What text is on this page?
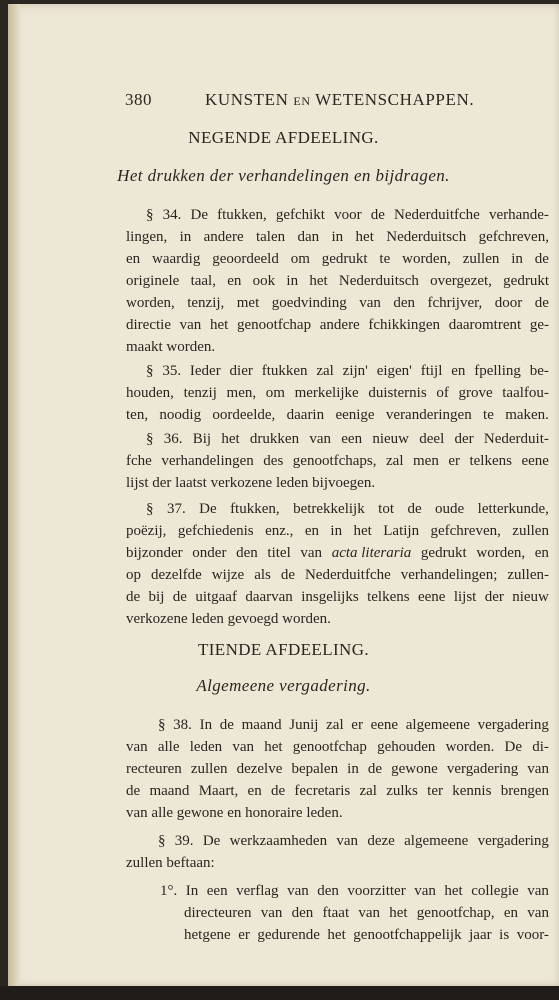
380	KUNSTEN EN WETENSCHAPPEN.
NEGENDE AFDEELING.
Het drukken der verhandelingen en bijdragen.
§ 34. De ftukken, gefchikt voor de Nederduitfche verhande-
lingen, in andere talen dan in het Nederduitsch gefchreven,
en waardig geoordeeld om gedrukt te worden, zullen in de
originele taal, en ook in het Nederduitsch overgezet, gedrukt
worden, tenzij, met goedvinding van den fchrijver, door de
directie van het genootfchap andere fchikkingen daaromtrent ge-
maakt worden.
§ 35. Ieder dier ftukken zal zijn' eigen' ftijl en fpelling be-
houden, tenzij men, om merkelijke duisternis of grove taalfou-
ten, noodig oordeelde, daarin eenige veranderingen te maken.
§ 36. Bij het drukken van een nieuw deel der Nederduit-
fche verhandelingen des genootfchaps, zal men er telkens eene
lijst der laatst verkozene leden bijvoegen.
§ 37. De ftukken, betrekkelijk tot de oude letterkunde,
poëzij, gefchiedenis enz., en in het Latijn gefchreven, zullen
bijzonder onder den titel van acta literaria gedrukt worden, en
op dezelfde wijze als de Nederduitfche verhandelingen; zullen-
de bij de uitgaaf daarvan insgelijks telkens eene lijst der nieuw
verkozene leden gevoegd worden.
TIENDE AFDEELING.
Algemeene vergadering.
§ 38. In de maand Junij zal er eene algemeene vergadering
van alle leden van het genootfchap gehouden worden. De di-
recteuren zullen dezelve bepalen in de gewone vergadering van
de maand Maart, en de fecretaris zal zulks ter kennis brengen
van alle gewone en honoraire leden.
§ 39. De werkzaamheden van deze algemeene vergadering
zullen beftaan:
1°. In een verflag van den voorzitter van het collegie van
directeuren van den ftaat van het genootfchap, en van
hetgene er gedurende het genootfchappelijk jaar is voor-
